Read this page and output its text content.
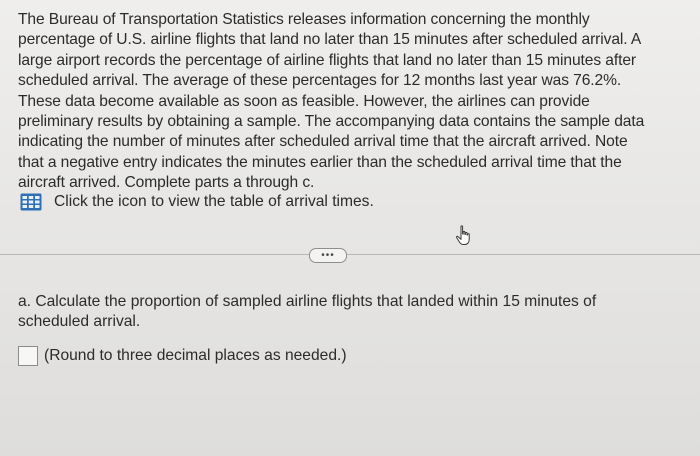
The Bureau of Transportation Statistics releases information concerning the monthly
percentage of U.S. airline flights that land no later than 15 minutes after scheduled arrival. A
large airport records the percentage of airline flights that land no later than 15 minutes after
scheduled arrival. The average of these percentages for 12 months last year was 76.2%.
These data become available as soon as feasible. However, the airlines can provide
preliminary results by obtaining a sample. The accompanying data contains the sample data
indicating the number of minutes after scheduled arrival time that the aircraft arrived. Note
that a negative entry indicates the minutes earlier than the scheduled arrival time that the
aircraft arrived. Complete parts a through c.

Click the icon to view the table of arrival times.
•••
a. Calculate the proportion of sampled airline flights that landed within 15 minutes of
scheduled arrival.
(Round to three decimal places as needed.)
